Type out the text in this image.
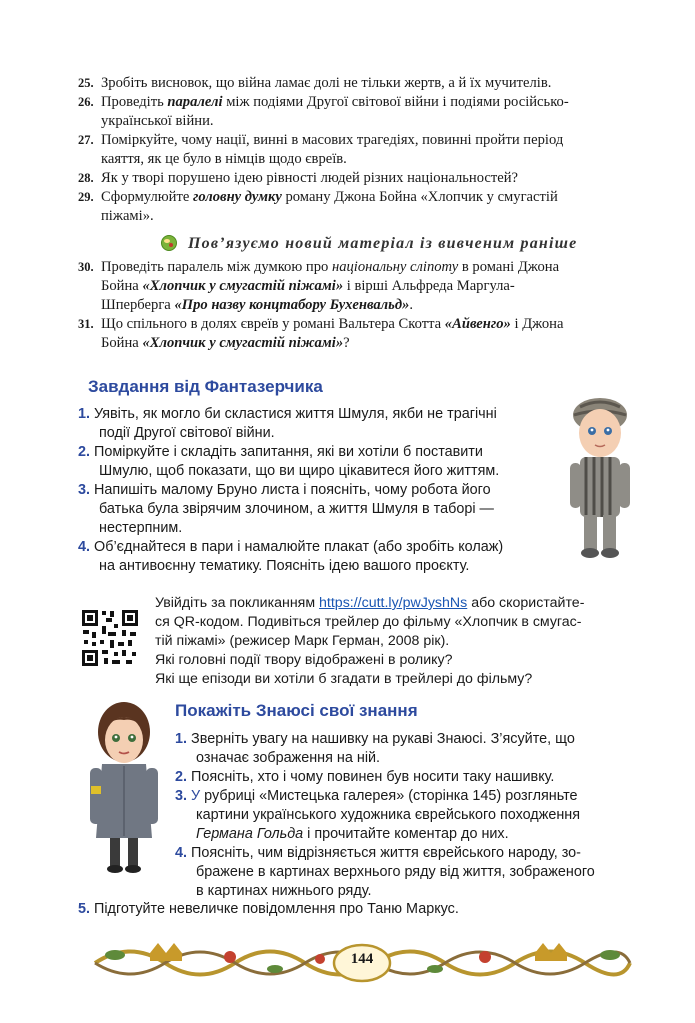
25. Зробіть висновок, що війна ламає долі не тільки жертв, а й їх мучителів.
26. Проведіть паралелі між подіями Другої світової війни і подіями російсько-
української війни.
27. Поміркуйте, чому нації, винні в масових трагедіях, повинні пройти період
каяття, як це було в німців щодо євреїв.
28. Як у творі порушено ідею рівності людей різних національностей?
29. Сформулюйте головну думку роману Джона Бойна «Хлопчик у смугастій
піжамі».
Пов’язуємо новий матеріал із вивченим раніше
30. Проведіть паралель між думкою про національну сліпоту в романі Джона
Бойна «Хлопчик у смугастій піжамі» і вірші Альфреда Маргула-
Шперберга «Про назву концтабору Бухенвальд».
31. Що спільного в долях євреїв у романі Вальтера Скотта «Айвенго» і Джона
Бойна «Хлопчик у смугастій піжамі»?
Завдання від Фантазерчика
1. Уявіть, як могло би скластися життя Шмуля, якби не трагічні
події Другої світової війни.
2. Поміркуйте і складіть запитання, які ви хотіли б поставити
Шмулю, щоб показати, що ви щиро цікавитеся його життям.
3. Напишіть малому Бруно листа і поясніть, чому робота його
батька була звірячим злочином, а життя Шмуля в таборі —
нестерпним.
4. Об’єднайтеся в пари і намалюйте плакат (або зробіть колаж)
на антивоєнну тематику. Поясніть ідею вашого проєкту.
Увійдіть за покликанням https://cutt.ly/pwJyshNs або скористайте-
ся QR-кодом. Подивіться трейлер до фільму «Хлопчик в смугас-
тій піжамі» (режисер Марк Герман, 2008 рік).
Які головні події твору відображені в ролику?
Які ще епізоди ви хотіли б згадати в трейлері до фільму?
Покажіть Знаюсі свої знання
1. Зверніть увагу на нашивку на рукаві Знаюсі. З’ясуйте, що
означає зображення на ній.
2. Поясніть, хто і чому повинен був носити таку нашивку.
3. У рубриці «Мистецька галерея» (сторінка 145) розгляньте
картини українського художника єврейського походження
Германа Гольда і прочитайте коментар до них.
4. Поясніть, чим відрізняється життя єврейського народу, зо-
бражене в картинах верхнього ряду від життя, зображеного
в картинах нижнього ряду.
5. Підготуйте невеличке повідомлення про Таню Маркус.
144
